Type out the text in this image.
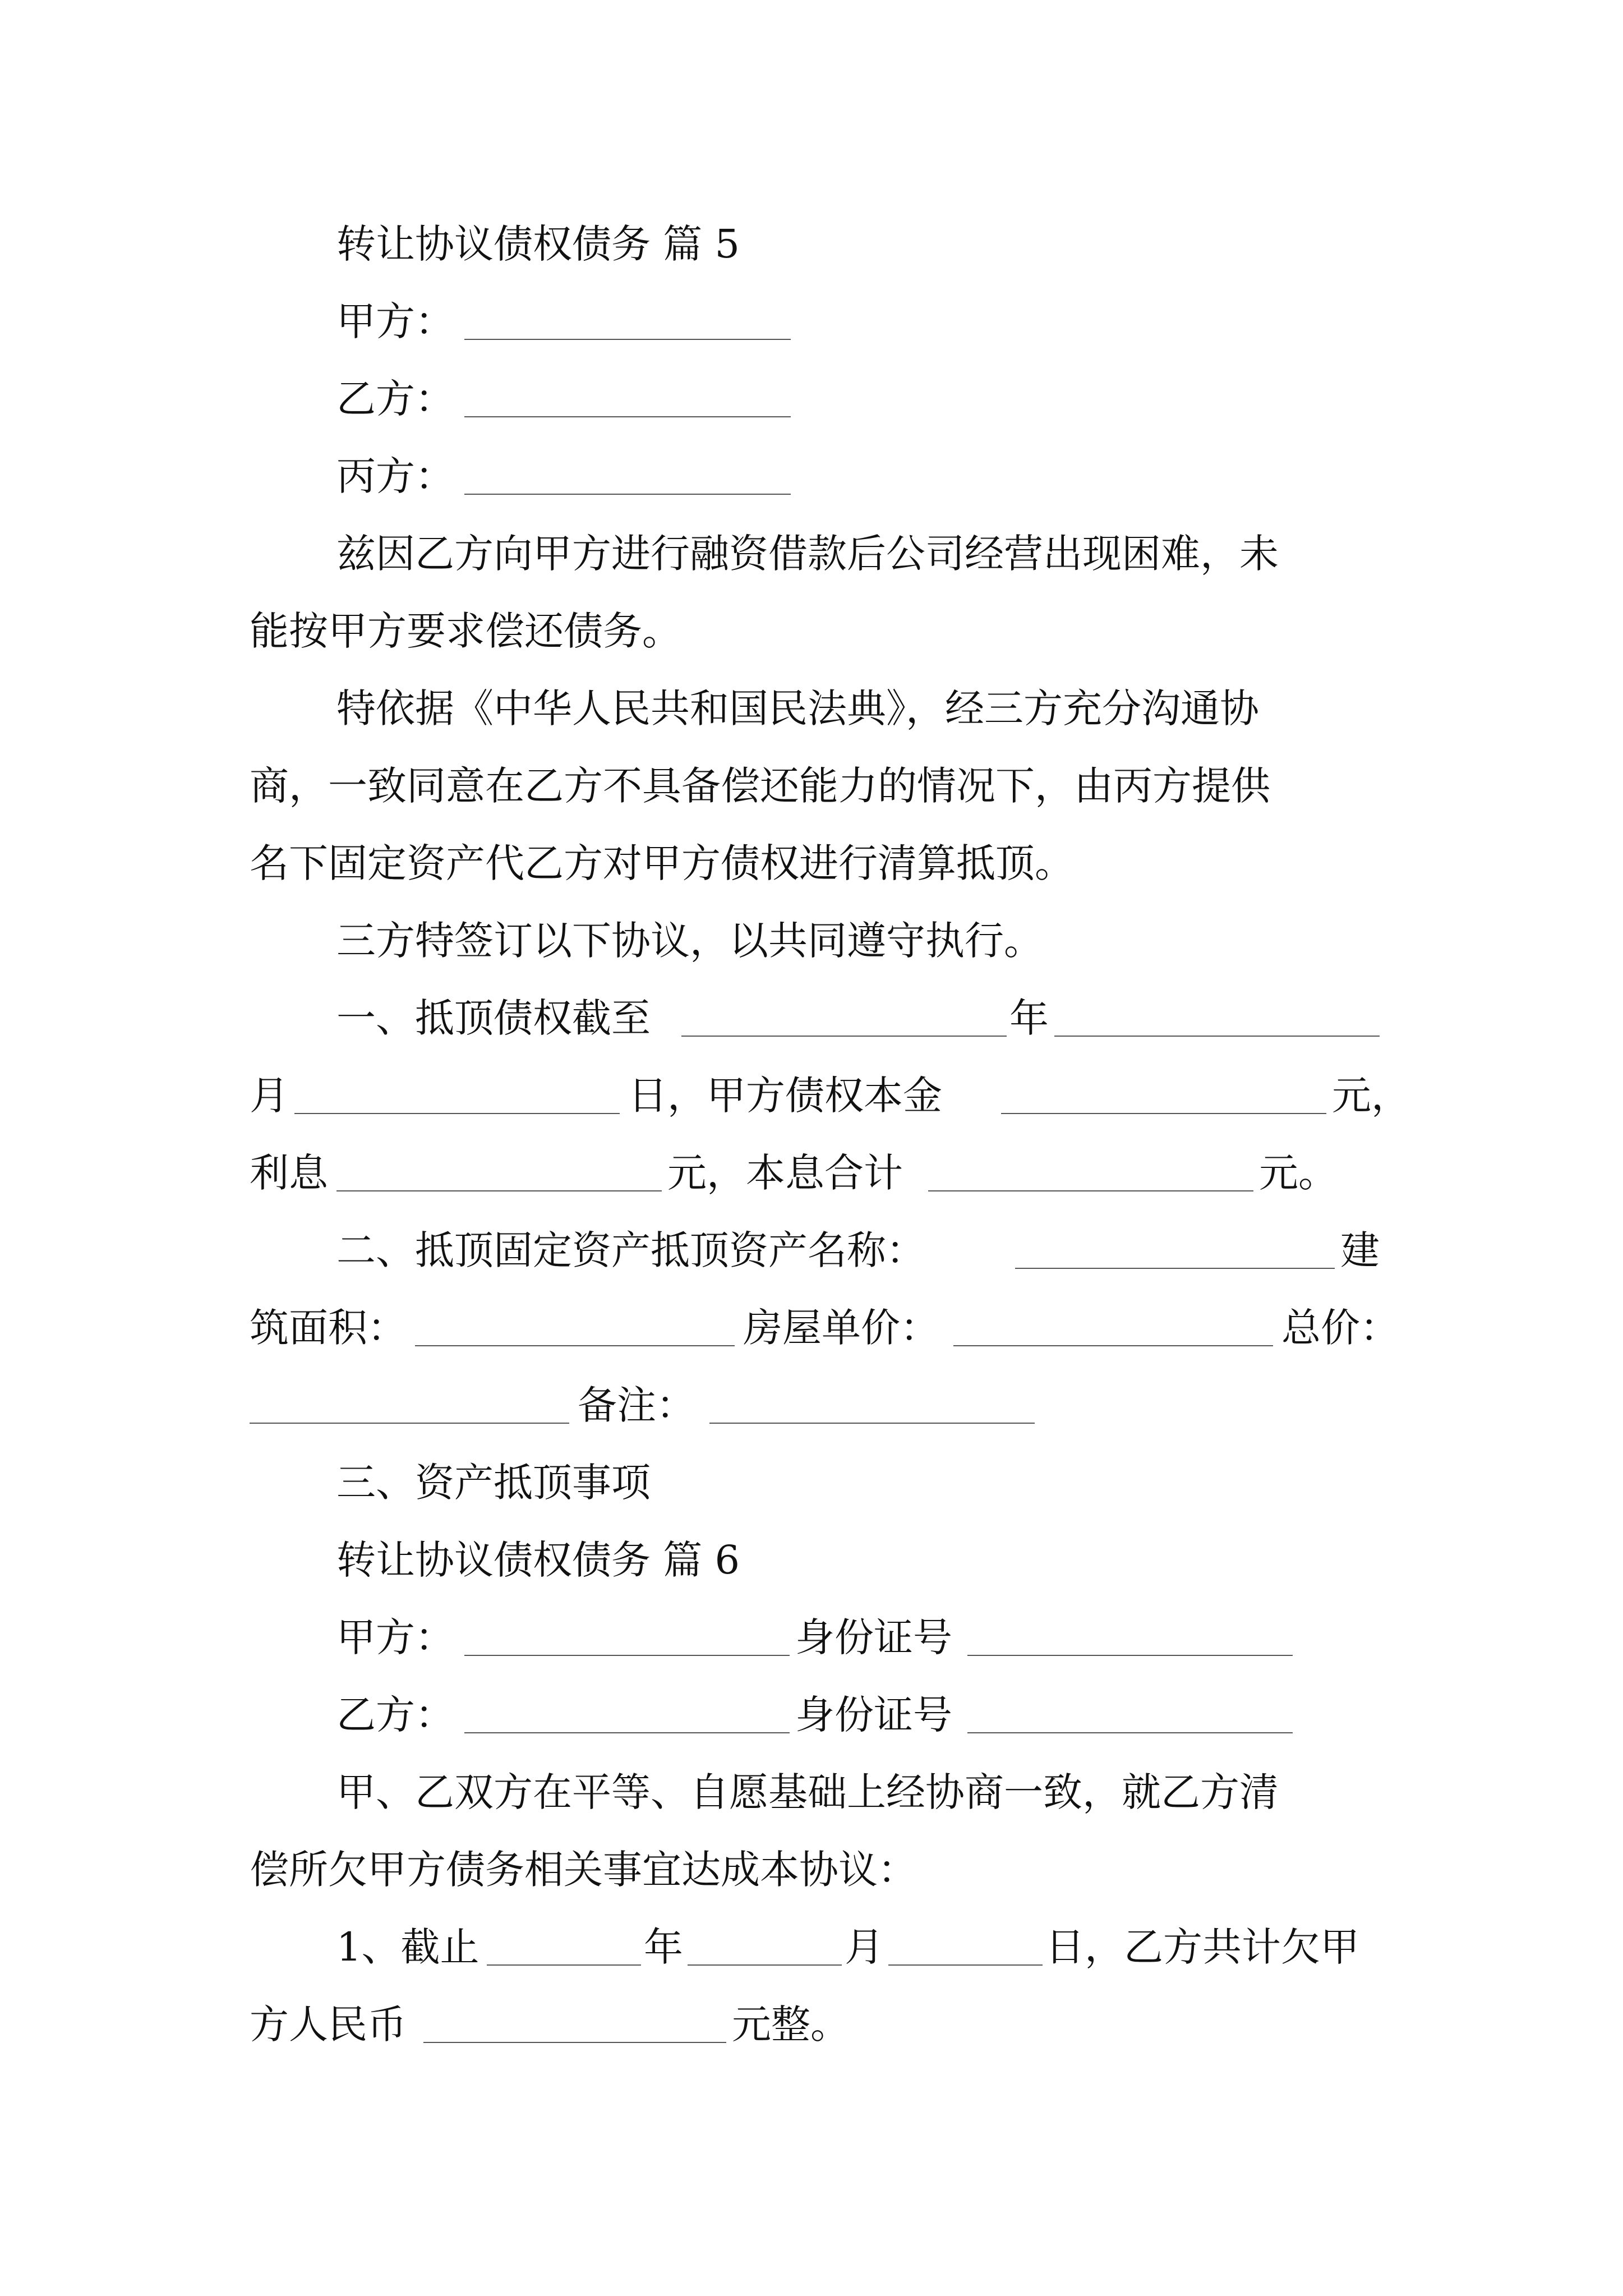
转让协议债权债务 篇 5
甲方：
乙方：
丙方：
兹因乙方向甲方进行融资借款后公司经营出现困难，未
能按甲方要求偿还债务。
特依据《中华人民共和国民法典》，经三方充分沟通协
商，一致同意在乙方不具备偿还能力的情况下，由丙方提供
名下固定资产代乙方对甲方债权进行清算抵顶。
三方特签订以下协议，以共同遵守执行。
一、抵顶债权截至	年
月	日，甲方债权本金	元，
利息	元，本息合计	元。
二、抵顶固定资产抵顶资产名称：	建
筑面积：	房屋单价：	总价：
备注：
三、资产抵顶事项
转让协议债权债务 篇 6
甲方：	身份证号
乙方：	身份证号
甲、乙双方在平等、自愿基础上经协商一致，就乙方清
偿所欠甲方债务相关事宜达成本协议：
1、截止	年	月	日，乙方共计欠甲
方人民币	元整。
